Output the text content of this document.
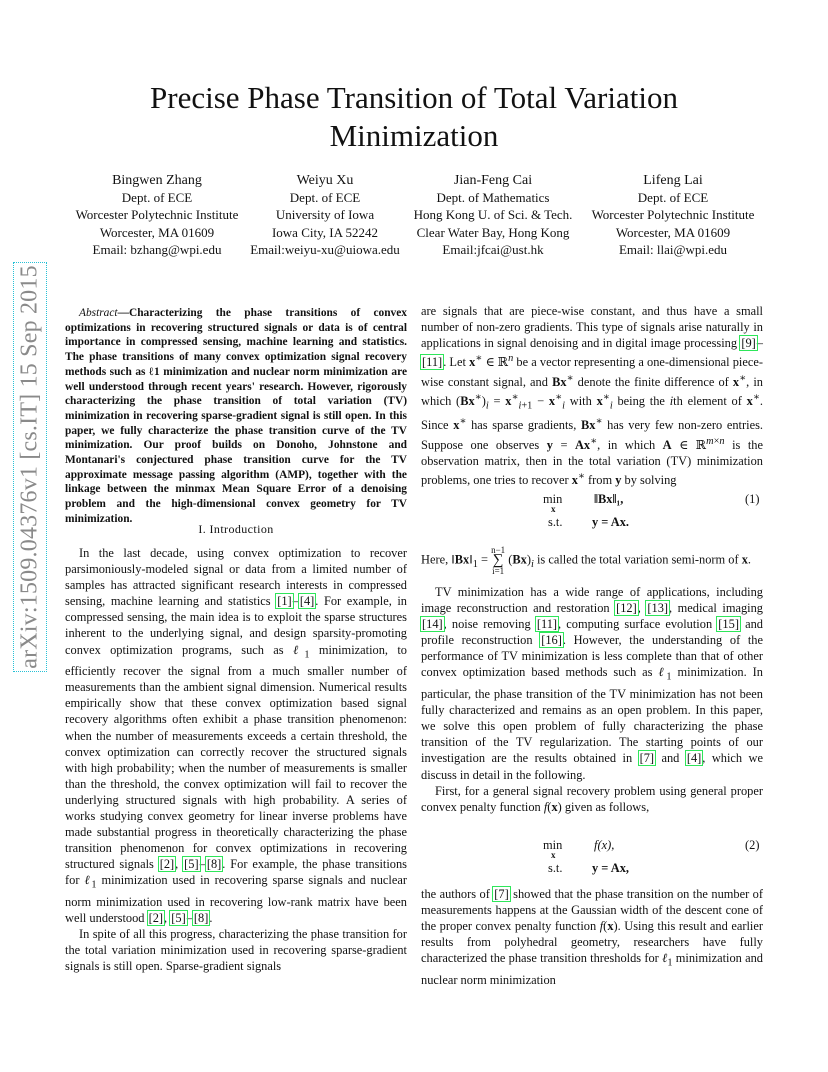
Precise Phase Transition of Total Variation
Minimization
Bingwen Zhang
Dept. of ECE
Worcester Polytechnic Institute
Worcester, MA 01609
Email: bzhang@wpi.edu
Weiyu Xu
Dept. of ECE
University of Iowa
Iowa City, IA 52242
Email:weiyu-xu@uiowa.edu
Jian-Feng Cai
Dept. of Mathematics
Hong Kong U. of Sci. & Tech.
Clear Water Bay, Hong Kong
Email:jfcai@ust.hk
Lifeng Lai
Dept. of ECE
Worcester Polytechnic Institute
Worcester, MA 01609
Email: llai@wpi.edu
arXiv:1509.04376v1 [cs.IT] 15 Sep 2015	Abstract—Characterizing the phase transitions of convex optimizations in recovering structured signals or data is of central importance in compressed sensing, machine learning and statistics. The phase transitions of many convex optimization signal recovery methods such as ℓ1 minimization and nuclear norm minimization are well understood through recent years' research. However, rigorously characterizing the phase transition of total variation (TV) minimization in recovering sparse-gradient signal is still open. In this paper, we fully characterize the phase transition curve of the TV minimization. Our proof builds on Donoho, Johnstone and Montanari's conjectured phase transition curve for the TV approximate message passing algorithm (AMP), together with the linkage between the minmax Mean Square Error of a denoising problem and the high-dimensional convex geometry for TV minimization.

I. Introduction

In the last decade, using convex optimization to recover parsimoniously-modeled signal or data from a limited number of samples has attracted significant research interests in compressed sensing, machine learning and statistics [1]–[4]. For example, in compressed sensing, the main idea is to exploit the sparse structures inherent to the underlying signal, and design sparsity-promoting convex optimization programs, such as ℓ$_1$ minimization, to efficiently recover the signal from a much smaller number of measurements than the ambient signal dimension. Numerical results empirically show that these convex optimization based signal recovery algorithms often exhibit a phase transition phenomenon: when the number of measurements exceeds a certain threshold, the convex optimization can correctly recover the structured signals with high probability; when the number of measurements is smaller than the threshold, the convex optimization will fail to recover the underlying structured signals with high probability. A series of works studying convex geometry for linear inverse problems have made substantial progress in theoretically characterizing the phase transition phenomenon for convex optimizations in recovering structured signals [2], [5]–[8]. For example, the phase transitions for ℓ$_1$ minimization used in recovering sparse signals and nuclear norm minimization used in recovering low-rank matrix have been well understood [2], [5]–[8].

In spite of all this progress, characterizing the phase transition for the total variation minimization used in recovering sparse-gradient signals is still open. Sparse-gradient signals

are signals that are piece-wise constant, and thus have a small number of non-zero gradients. This type of signals arise naturally in applications in signal denoising and in digital image processing [9]–[11]. Let x∗ ∈ ℝ$^n$ be a vector representing a one-dimensional piece-wise constant signal, and Bx∗ denote the finite difference of x∗, in which $(Bx^∗)_i = x^∗_{i+1} - x^∗_i$ with $x^∗_i$ being the ith element of x∗. Since x∗ has sparse gradients, Bx∗ has very few non-zero entries. Suppose one observes y = Ax∗, in which A ∈ ℝ$^{m\times n}$ is the observation matrix, then in the total variation (TV) minimization problems, one tries to recover x∗ from y by solving

min
x
‖Bx‖₁,
s.t. y = Ax.
(1)

Here, $‖Bx‖_1 = n-1$
∑
i=1 $(Bx)_i$ is called the total variation semi-norm of x.

TV minimization has a wide range of applications, including image reconstruction and restoration [12], [13], medical imaging [14], noise removing [11], computing surface evolution [15] and profile reconstruction [16]. However, the understanding of the performance of TV minimization is less complete than that of other convex optimization based methods such as ℓ$_1$ minimization. In particular, the phase transition of the TV minimization has not been fully characterized and remains as an open problem. In this paper, we solve this open problem of fully characterizing the phase transition of the TV regularization. The starting points of our investigation are the results obtained in [7] and [4], which we discuss in detail in the following.

First, for a general signal recovery problem using general proper convex penalty function f(x) given as follows,

min
x
f(x),
s.t. y = Ax,
(2)

the authors of [7] showed that the phase transition on the number of measurements happens at the Gaussian width of the descent cone of the proper convex penalty function f(x). Using this result and earlier results from polyhedral geometry, researchers have fully characterized the phase transition thresholds for ℓ$_1$ minimization and nuclear norm minimization
